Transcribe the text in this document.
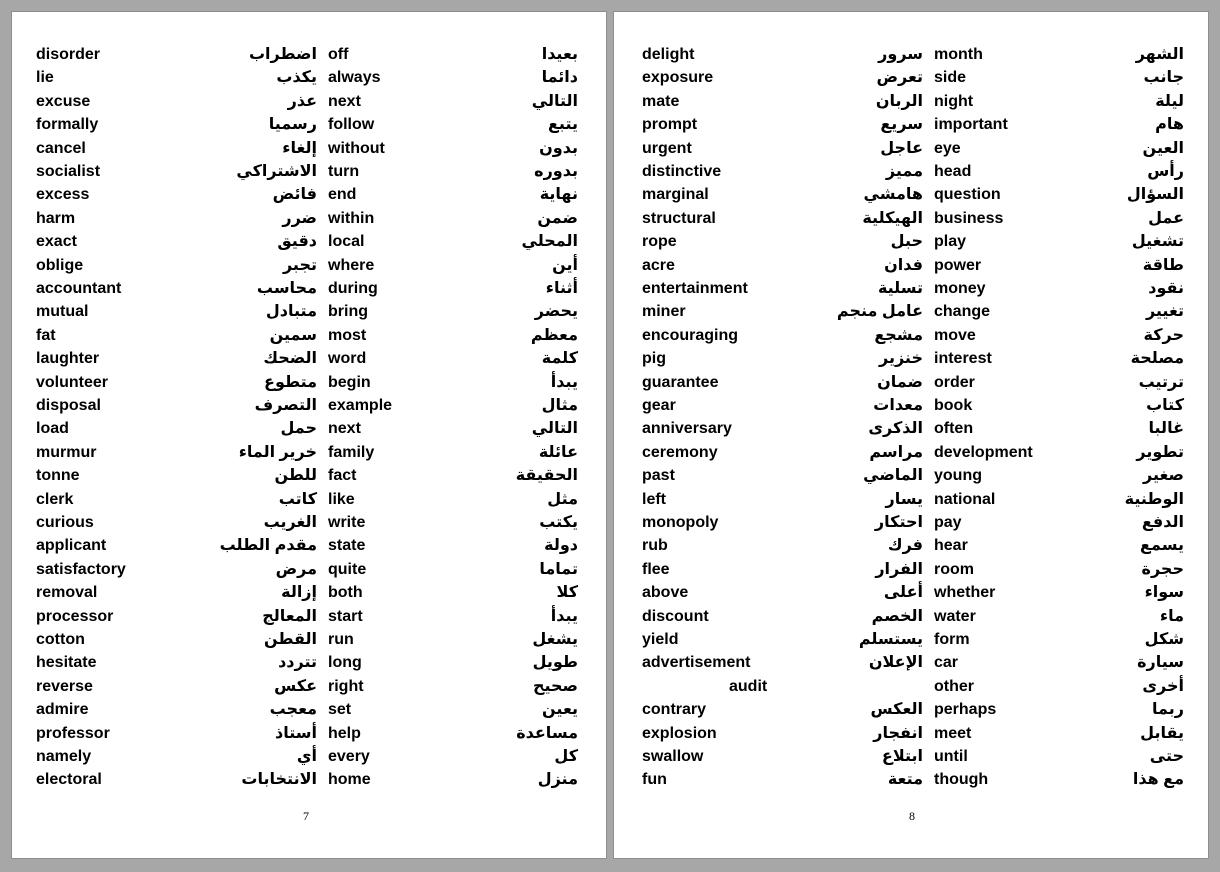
disorder	اضطراب
lie	يكذب
excuse	عذر
formally	رسميا
cancel	إلغاء
socialist	الاشتراكي
excess	فائض
harm	ضرر
exact	دقيق
oblige	تجبر
accountant	محاسب
mutual	متبادل
fat	سمين
laughter	الضحك
volunteer	متطوع
disposal	التصرف
load	حمل
murmur	خرير الماء
tonne	للطن
clerk	كاتب
curious	الغريب
applicant	مقدم الطلب
satisfactory	مرض
removal	إزالة
processor	المعالج
cotton	القطن
hesitate	تتردد
reverse	عكس
admire	معجب
professor	أستاذ
namely	أي
electoral	الانتخابات
off	بعيدا
always	دائما
next	التالي
follow	يتبع
without	بدون
turn	بدوره
end	نهاية
within	ضمن
local	المحلي
where	أين
during	أثناء
bring	يحضر
most	معظم
word	كلمة
begin	يبدأ
example	مثال
next	التالي
family	عائلة
fact	الحقيقة
like	مثل
write	يكتب
state	دولة
quite	تماما
both	كلا
start	يبدأ
run	يشغل
long	طويل
right	صحيح
set	يعين
help	مساعدة
every	كل
home	منزل
7
delight	سرور
exposure	تعرض
mate	الربان
prompt	سريع
urgent	عاجل
distinctive	مميز
marginal	هامشي
structural	الهيكلية
rope	حبل
acre	فدان
entertainment	تسلية
miner	عامل منجم
encouraging	مشجع
pig	خنزير
guarantee	ضمان
gear	معدات
anniversary	الذكرى
ceremony	مراسم
past	الماضي
left	يسار
monopoly	احتكار
rub	فرك
flee	الفرار
above	أعلى
discount	الخصم
yield	يستسلم
advertisement	الإعلان
audit
contrary	العكس
explosion	انفجار
swallow	ابتلاع
fun	متعة
month	الشهر
side	جانب
night	ليلة
important	هام
eye	العين
head	رأس
question	السؤال
business	عمل
play	تشغيل
power	طاقة
money	نقود
change	تغيير
move	حركة
interest	مصلحة
order	ترتيب
book	كتاب
often	غالبا
development	تطوير
young	صغير
national	الوطنية
pay	الدفع
hear	يسمع
room	حجرة
whether	سواء
water	ماء
form	شكل
car	سيارة
other	أخرى
perhaps	ربما
meet	يقابل
until	حتى
though	مع هذا
8
